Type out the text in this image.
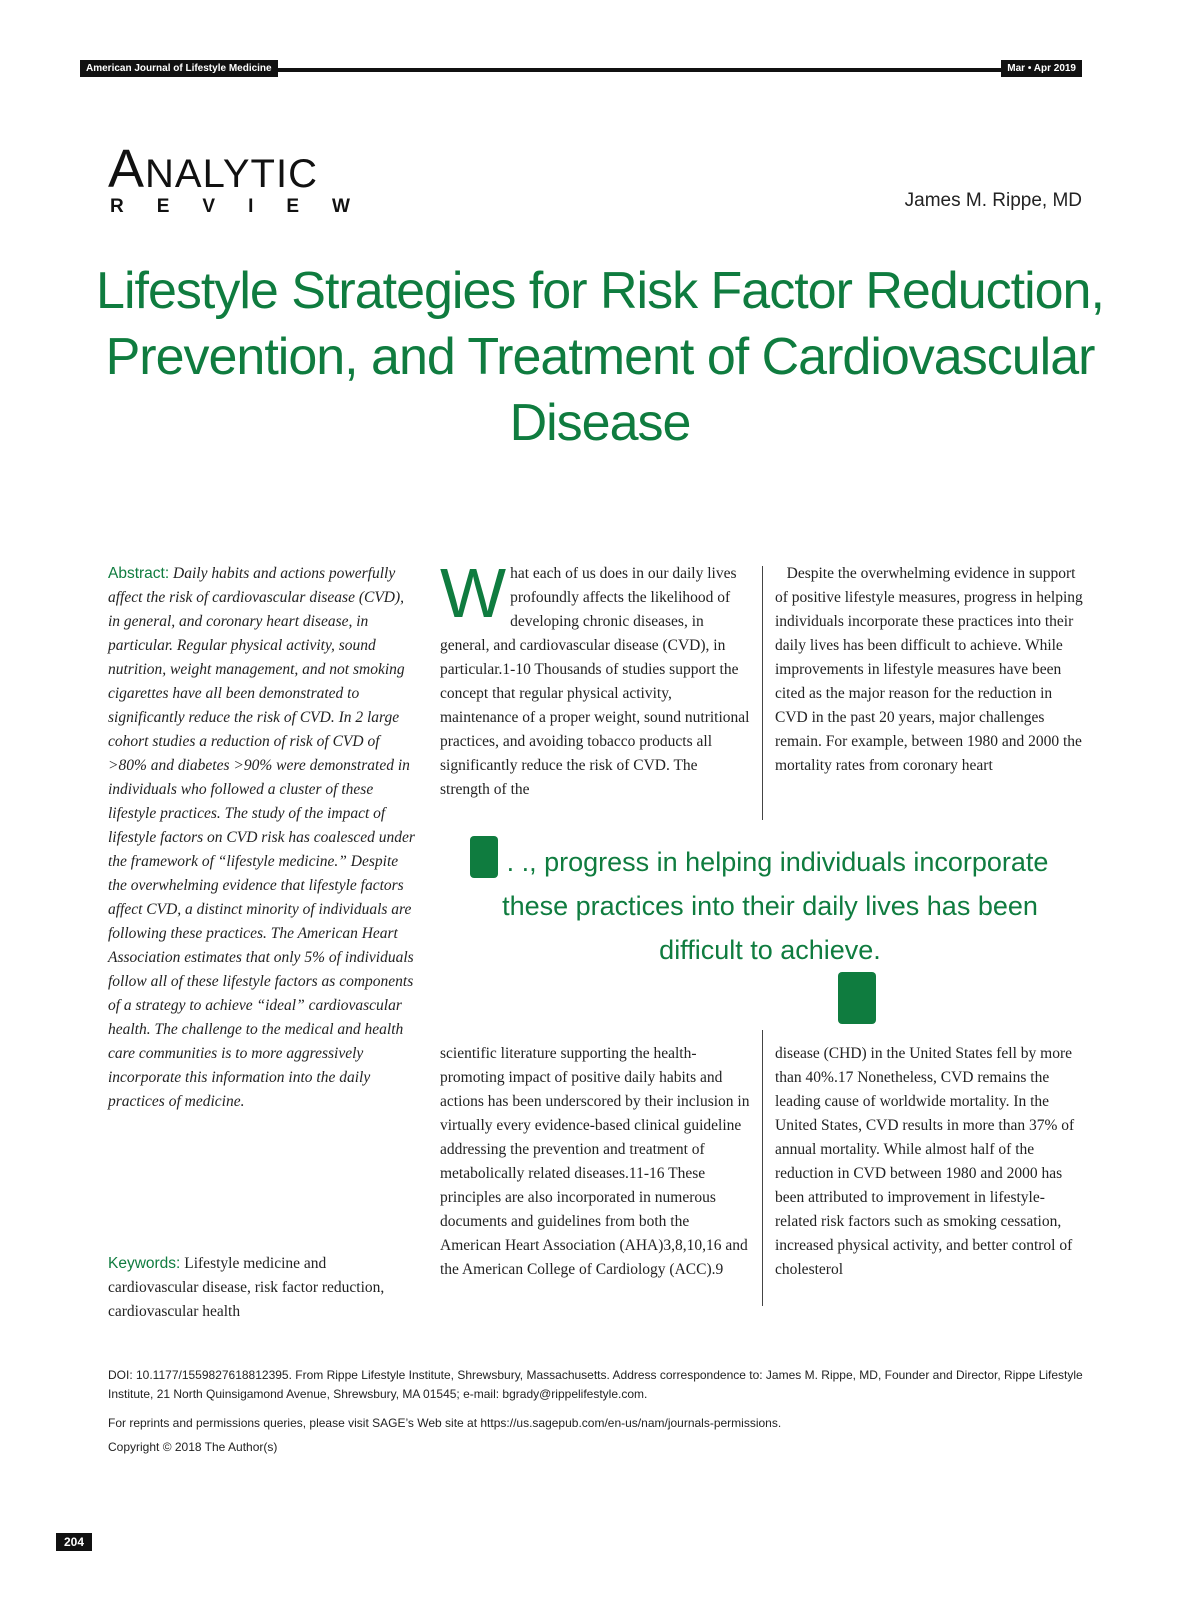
American Journal of Lifestyle Medicine	Mar • Apr 2019
ANALYTIC
REVIEW	James M. Rippe, MD
Lifestyle Strategies for Risk Factor Reduction, Prevention, and Treatment of Cardiovascular Disease

Abstract: Daily habits and actions powerfully affect the risk of cardiovascular disease (CVD), in general, and coronary heart disease, in particular. Regular physical activity, sound nutrition, weight management, and not smoking cigarettes have all been demonstrated to significantly reduce the risk of CVD. In 2 large cohort studies a reduction of risk of CVD of >80% and diabetes >90% were demonstrated in individuals who followed a cluster of these lifestyle practices. The study of the impact of lifestyle factors on CVD risk has coalesced under the framework of “lifestyle medicine.” Despite the overwhelming evidence that lifestyle factors affect CVD, a distinct minority of individuals are following these practices. The American Heart Association estimates that only 5% of individuals follow all of these lifestyle factors as components of a strategy to achieve “ideal” cardiovascular health. The challenge to the medical and health care communities is to more aggressively incorporate this information into the daily practices of medicine.

Keywords: Lifestyle medicine and cardiovascular disease, risk factor reduction, cardiovascular health

What each of us does in our daily lives profoundly affects the likelihood of developing chronic diseases, in general, and cardiovascular disease (CVD), in particular.1-10 Thousands of studies support the concept that regular physical activity, maintenance of a proper weight, sound nutritional practices, and avoiding tobacco products all significantly reduce the risk of CVD. The strength of the

Despite the overwhelming evidence in support of positive lifestyle measures, progress in helping individuals incorporate these practices into their daily lives has been difficult to achieve. While improvements in lifestyle measures have been cited as the major reason for the reduction in CVD in the past 20 years, major challenges remain. For example, between 1980 and 2000 the mortality rates from coronary heart

. . ., progress in helping individuals incorporate these practices into their daily lives has been difficult to achieve.

scientific literature supporting the health-promoting impact of positive daily habits and actions has been underscored by their inclusion in virtually every evidence-based clinical guideline addressing the prevention and treatment of metabolically related diseases.11-16 These principles are also incorporated in numerous documents and guidelines from both the American Heart Association (AHA)3,8,10,16 and the American College of Cardiology (ACC).9

disease (CHD) in the United States fell by more than 40%.17 Nonetheless, CVD remains the leading cause of worldwide mortality. In the United States, CVD results in more than 37% of annual mortality. While almost half of the reduction in CVD between 1980 and 2000 has been attributed to improvement in lifestyle-related risk factors such as smoking cessation, increased physical activity, and better control of cholesterol

DOI: 10.1177/1559827618812395. From Rippe Lifestyle Institute, Shrewsbury, Massachusetts. Address correspondence to: James M. Rippe, MD, Founder and Director, Rippe Lifestyle Institute, 21 North Quinsigamond Avenue, Shrewsbury, MA 01545; e-mail: bgrady@rippelifestyle.com.

For reprints and permissions queries, please visit SAGE’s Web site at https://us.sagepub.com/en-us/nam/journals-permissions.

Copyright © 2018 The Author(s)

204
